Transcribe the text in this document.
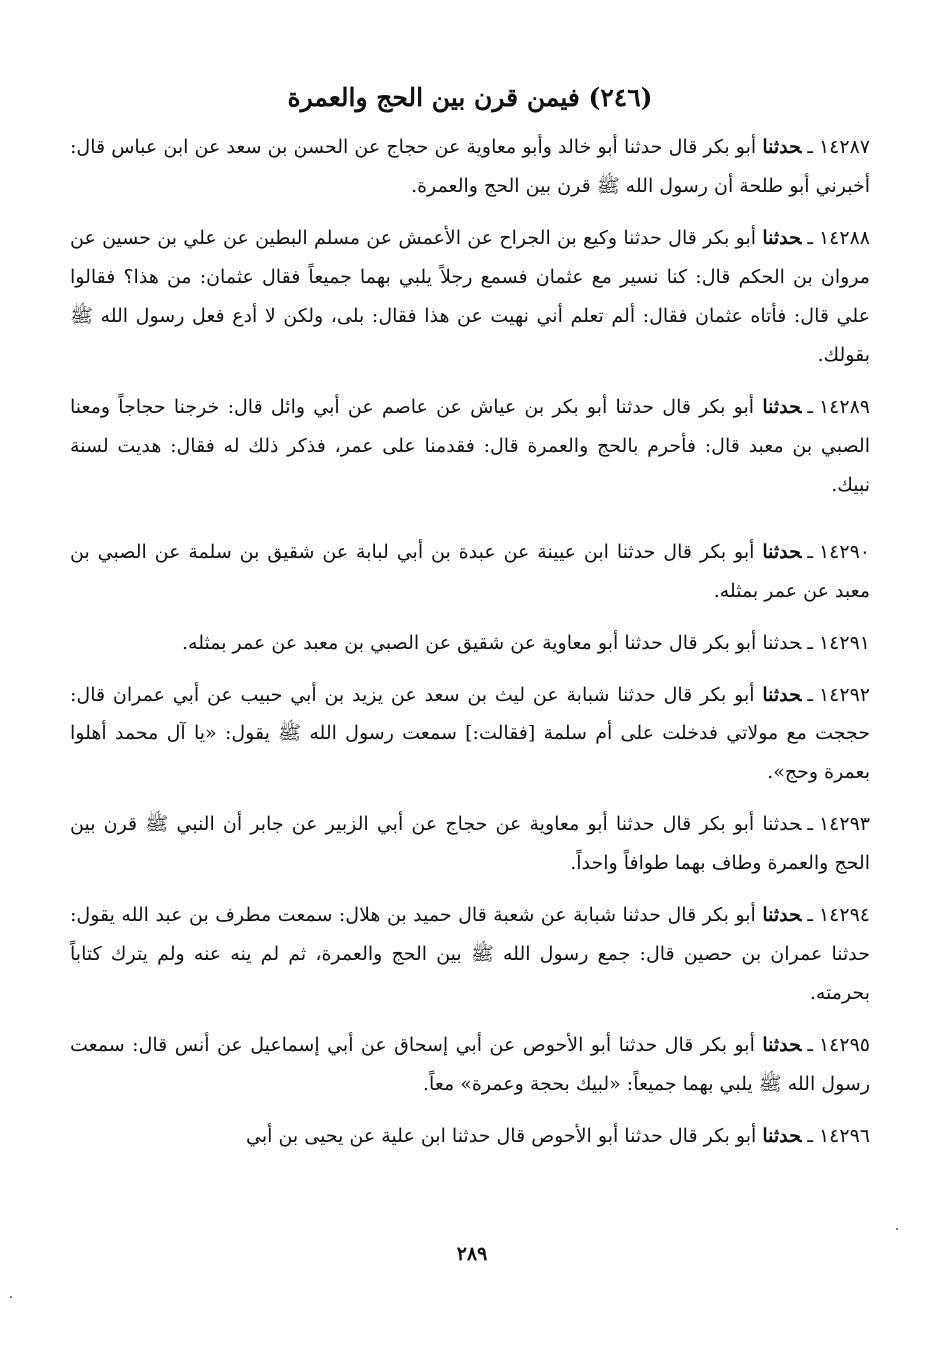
(٢٤٦) فيمن قرن بين الحج والعمرة

١٤٢٨٧ـحدثنا أبو بكر قال حدثنا أبو خالد وأبو معاوية عن حجاج عن الحسن بن سعد عن ابن عباس قال: أخبرني أبو طلحة أن رسول الله ﷺ قرن بين الحج والعمرة.

١٤٢٨٨ـحدثنا أبو بكر قال حدثنا وكيع بن الجراح عن الأعمش عن مسلم البطين عن علي بن حسين عن مروان بن الحكم قال: كنا نسير مع عثمان فسمع رجلاً يلبي بهما جميعاً فقال عثمان: من هذا؟ فقالوا علي قال: فأتاه عثمان فقال: ألم تعلم أني نهيت عن هذا فقال: بلى، ولكن لا أدع فعل رسول الله ﷺ بقولك.

١٤٢٨٩ـحدثنا أبو بكر قال حدثنا أبو بكر بن عياش عن عاصم عن أبي وائل قال: خرجنا حجاجاً ومعنا الصبي بن معبد قال: فأحرم بالحج والعمرة قال: فقدمنا على عمر، فذكر ذلك له فقال: هديت لسنة نبيك.

١٤٢٩٠ـحدثنا أبو بكر قال حدثنا ابن عيينة عن عبدة بن أبي لبابة عن شقيق بن سلمة عن الصبي بن معبد عن عمر بمثله.

١٤٢٩١ـحدثنا أبو بكر قال حدثنا أبو معاوية عن شقيق عن الصبي بن معبد عن عمر بمثله.

١٤٢٩٢ـحدثنا أبو بكر قال حدثنا شبابة عن ليث بن سعد عن يزيد بن أبي حبيب عن أبي عمران قال: حججت مع مولاتي فدخلت على أم سلمة [فقالت:] سمعت رسول الله ﷺ يقول: «يا آل محمد أهلوا بعمرة وحج».

١٤٢٩٣ـحدثنا أبو بكر قال حدثنا أبو معاوية عن حجاج عن أبي الزبير عن جابر أن النبي ﷺ قرن بين الحج والعمرة وطاف بهما طوافاً واحداً.

١٤٢٩٤ـحدثنا أبو بكر قال حدثنا شبابة عن شعبة قال حميد بن هلال: سمعت مطرف بن عبد الله يقول: حدثنا عمران بن حصين قال: جمع رسول الله ﷺ بين الحج والعمرة، ثم لم ينه عنه ولم يترك كتاباً بحرمته.

١٤٢٩٥ـحدثنا أبو بكر قال حدثنا أبو الأحوص عن أبي إسحاق عن أبي إسماعيل عن أنس قال: سمعت رسول الله ﷺ يلبي بهما جميعاً: «لبيك بحجة وعمرة» معاً.

١٤٢٩٦ـحدثنا أبو بكر قال حدثنا أبو الأحوص قال حدثنا ابن علية عن يحيى بن أبي

٢٨٩
